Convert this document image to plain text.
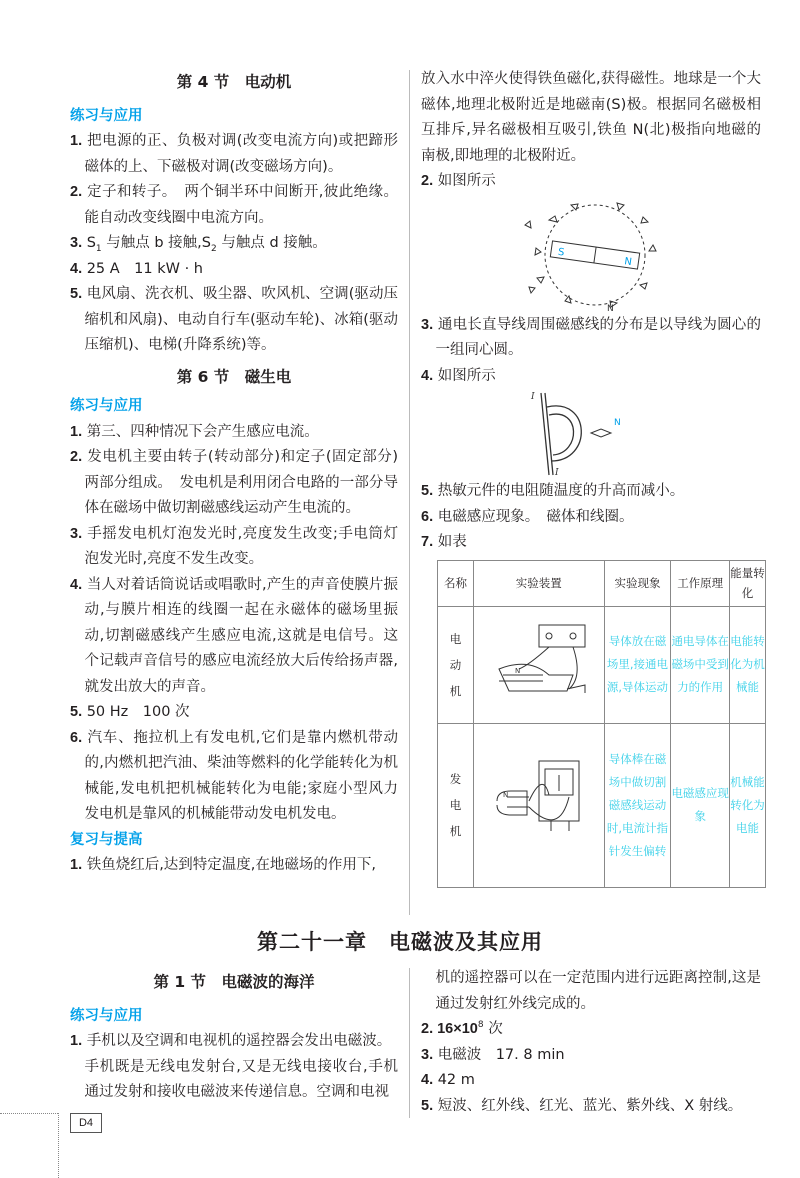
第 4 节　电动机

练习与应用

1. 把电源的正、负极对调(改变电流方向)或把蹄形磁体的上、下磁极对调(改变磁场方向)。

2. 定子和转子。　两个铜半环中间断开,彼此绝缘。能自动改变线圈中电流方向。

3. $S_1$ 与触点 b 接触$,S_2$ 与触点 d 接触。

4. 25 A　11 kW · h

5. 电风扇、洗衣机、吸尘器、吹风机、空调(驱动压缩机和风扇)、电动自行车(驱动车轮)、冰箱(驱动压缩机)、电梯(升降系统)等。

第 6 节　磁生电

练习与应用

1. 第三、四种情况下会产生感应电流。

2. 发电机主要由转子(转动部分)和定子(固定部分)两部分组成。　发电机是利用闭合电路的一部分导体在磁场中做切割磁感线运动产生电流的。

3. 手摇发电机灯泡发光时,亮度发生改变;手电筒灯泡发光时,亮度不发生改变。

4. 当人对着话筒说话或唱歌时,产生的声音使膜片振动,与膜片相连的线圈一起在永磁体的磁场里振动,切割磁感线产生感应电流,这就是电信号。这个记载声音信号的感应电流经放大后传给扬声器,就发出放大的声音。

5. 50 Hz　100 次

6. 汽车、拖拉机上有发电机,它们是靠内燃机带动的,内燃机把汽油、柴油等燃料的化学能转化为机械能,发电机把机械能转化为电能;家庭小型风力发电机是靠风的机械能带动发电机发电。

复习与提高

1. 铁鱼烧红后,达到特定温度,在地磁场的作用下,

放入水中淬火使得铁鱼磁化,获得磁性。地球是一个大磁体,地理北极附近是地磁南(S)极。根据同名磁极相互排斥,异名磁极相互吸引,铁鱼 N(北)极指向地磁的南极,即地理的北极附近。

2. 如图所示

S
N
N

3. 通电长直导线周围磁感线的分布是以导线为圆心的一组同心圆。

4. 如图所示

I
I
N

5. 热敏元件的电阻随温度的升高而减小。

6. 电磁感应现象。　磁体和线圈。

7. 如表

名称	实验装置	实验现象	工作原理	能量转化
电动机	N	导体放在磁场里,接通电源,导体运动	通电导体在磁场中受到力的作用	电能转化为机械能
发电机	N	导体棒在磁场中做切割磁感线运动时,电流计指针发生偏转	电磁感应现象	机械能转化为电能
第二十一章　电磁波及其应用

第 1 节　电磁波的海洋

练习与应用

1. 手机以及空调和电视机的遥控器会发出电磁波。

手机既是无线电发射台,又是无线电接收台,手机通过发射和接收电磁波来传递信息。空调和电视

机的遥控器可以在一定范围内进行远距离控制,这是通过发射红外线完成的。

2. $16\times 10^8$ 次

3. 电磁波　17. 8 min

4. 42 m

5. 短波、红外线、红光、蓝光、紫外线、X 射线。

D4
